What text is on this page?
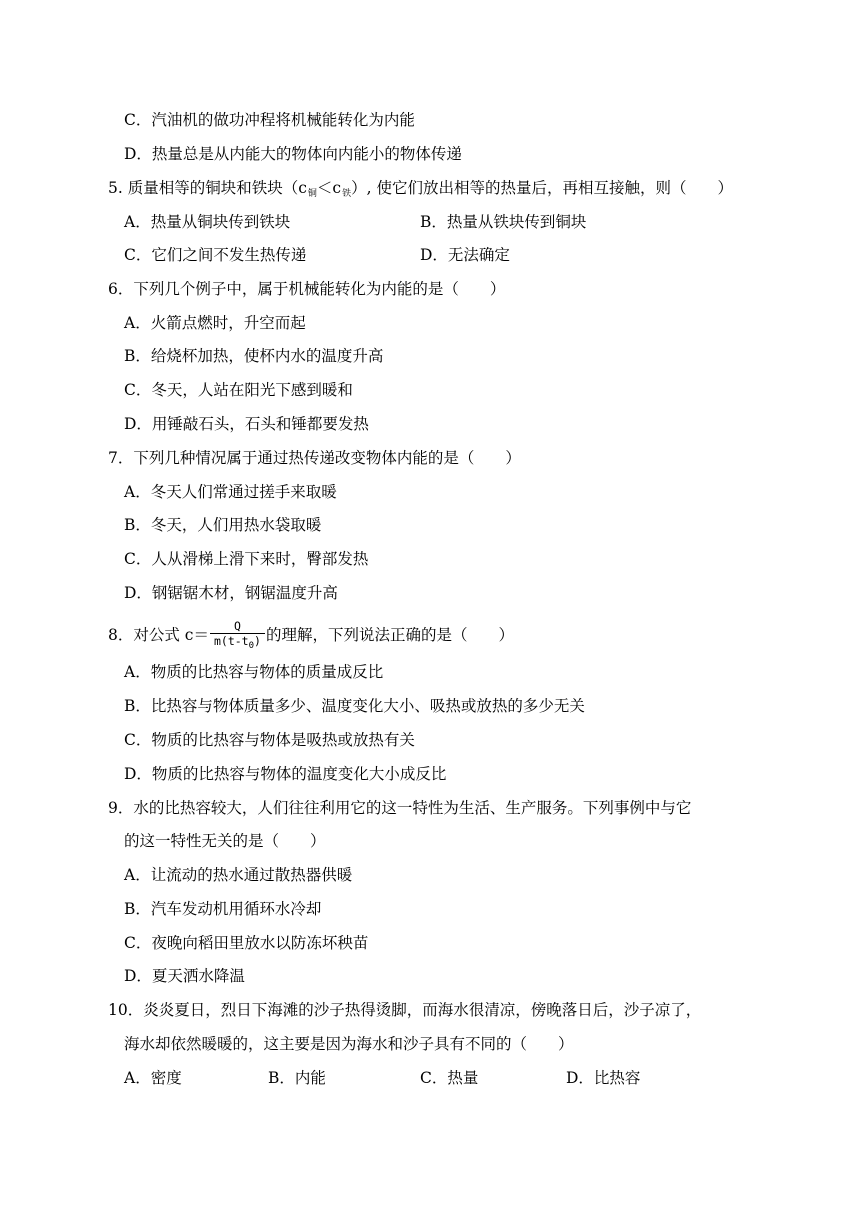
C．汽油机的做功冲程将机械能转化为内能
D．热量总是从内能大的物体向内能小的物体传递
5. 质量相等的铜块和铁块$(c_铜<c_铁)$, 使它们放出相等的热量后，再相互接触，则（　　）
A．热量从铜块传到铁块	B．热量从铁块传到铜块
C．它们之间不发生热传递	D．无法确定
6．下列几个例子中，属于机械能转化为内能的是（　　）
A．火箭点燃时，升空而起
B．给烧杯加热，使杯内水的温度升高
C．冬天，人站在阳光下感到暖和
D．用锤敲石头，石头和锤都要发热
7．下列几种情况属于通过热传递改变物体内能的是（　　）
A．冬天人们常通过搓手来取暖
B．冬天，人们用热水袋取暖
C．人从滑梯上滑下来时，臀部发热
D．钢锯锯木材，钢锯温度升高
8．对公式 $c= \frac{Q}{m(t-t_0)}$ 的理解，下列说法正确的是（　　）
A．物质的比热容与物体的质量成反比
B．比热容与物体质量多少、温度变化大小、吸热或放热的多少无关
C．物质的比热容与物体是吸热或放热有关
D．物质的比热容与物体的温度变化大小成反比
9．水的比热容较大，人们往往利用它的这一特性为生活、生产服务。下列事例中与它
的这一特性无关的是（　　）
A．让流动的热水通过散热器供暖
B．汽车发动机用循环水冷却
C．夜晚向稻田里放水以防冻坏秧苗
D．夏天洒水降温
10．炎炎夏日，烈日下海滩的沙子热得烫脚，而海水很清凉，傍晚落日后，沙子凉了，
海水却依然暖暖的，这主要是因为海水和沙子具有不同的（　　）
A．密度	B．内能	C．热量	D．比热容
